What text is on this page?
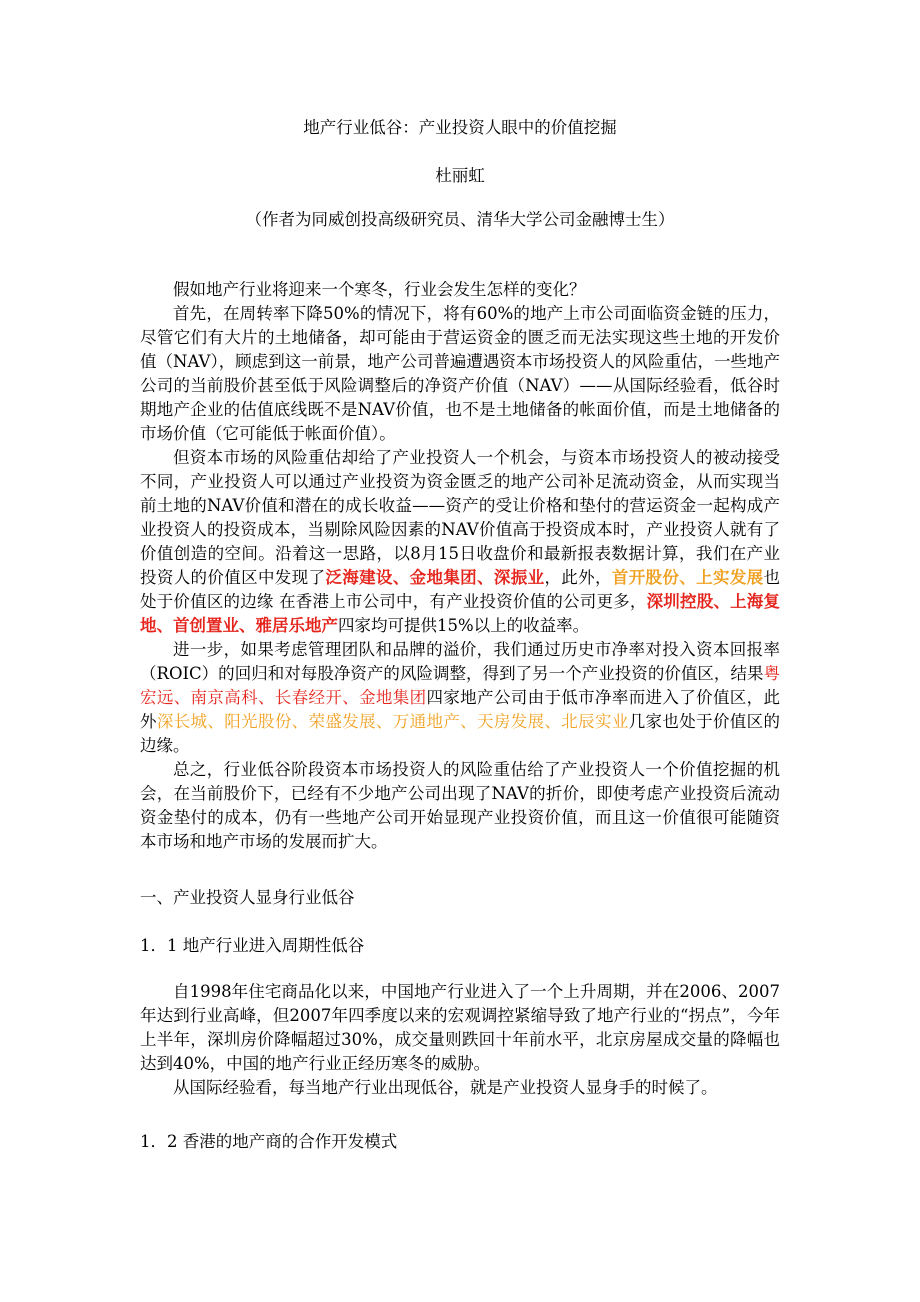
地产行业低谷：产业投资人眼中的价值挖掘
杜丽虹
（作者为同威创投高级研究员、清华大学公司金融博士生）

假如地产行业将迎来一个寒冬，行业会发生怎样的变化？

首先，在周转率下降50%的情况下，将有60%的地产上市公司面临资金链的压力，尽管它们有大片的土地储备，却可能由于营运资金的匮乏而无法实现这些土地的开发价值（NAV），顾虑到这一前景，地产公司普遍遭遇资本市场投资人的风险重估，一些地产公司的当前股价甚至低于风险调整后的净资产价值（NAV）——从国际经验看，低谷时期地产企业的估值底线既不是NAV价值，也不是土地储备的帐面价值，而是土地储备的市场价值（它可能低于帐面价值）。

但资本市场的风险重估却给了产业投资人一个机会，与资本市场投资人的被动接受不同，产业投资人可以通过产业投资为资金匮乏的地产公司补足流动资金，从而实现当前土地的NAV价值和潜在的成长收益——资产的受让价格和垫付的营运资金一起构成产业投资人的投资成本，当剔除风险因素的NAV价值高于投资成本时，产业投资人就有了价值创造的空间。沿着这一思路，以8月15日收盘价和最新报表数据计算，我们在产业投资人的价值区中发现了泛海建设、金地集团、深振业，此外，首开股份、上实发展也处于价值区的边缘 在香港上市公司中，有产业投资价值的公司更多，深圳控股、上海复地、首创置业、雅居乐地产四家均可提供15%以上的收益率。

进一步，如果考虑管理团队和品牌的溢价，我们通过历史市净率对投入资本回报率（ROIC）的回归和对每股净资产的风险调整，得到了另一个产业投资的价值区，结果粤宏远、南京高科、长春经开、金地集团四家地产公司由于低市净率而进入了价值区，此外深长城、阳光股份、荣盛发展、万通地产、天房发展、北辰实业几家也处于价值区的边缘。

总之，行业低谷阶段资本市场投资人的风险重估给了产业投资人一个价值挖掘的机会，在当前股价下，已经有不少地产公司出现了NAV的折价，即使考虑产业投资后流动资金垫付的成本，仍有一些地产公司开始显现产业投资价值，而且这一价值很可能随资本市场和地产市场的发展而扩大。

一、产业投资人显身行业低谷
1．1 地产行业进入周期性低谷

自1998年住宅商品化以来，中国地产行业进入了一个上升周期，并在2006、2007年达到行业高峰，但2007年四季度以来的宏观调控紧缩导致了地产行业的“拐点”，今年上半年，深圳房价降幅超过30%，成交量则跌回十年前水平，北京房屋成交量的降幅也达到40%，中国的地产行业正经历寒冬的威胁。

从国际经验看，每当地产行业出现低谷，就是产业投资人显身手的时候了。

1．2 香港的地产商的合作开发模式
